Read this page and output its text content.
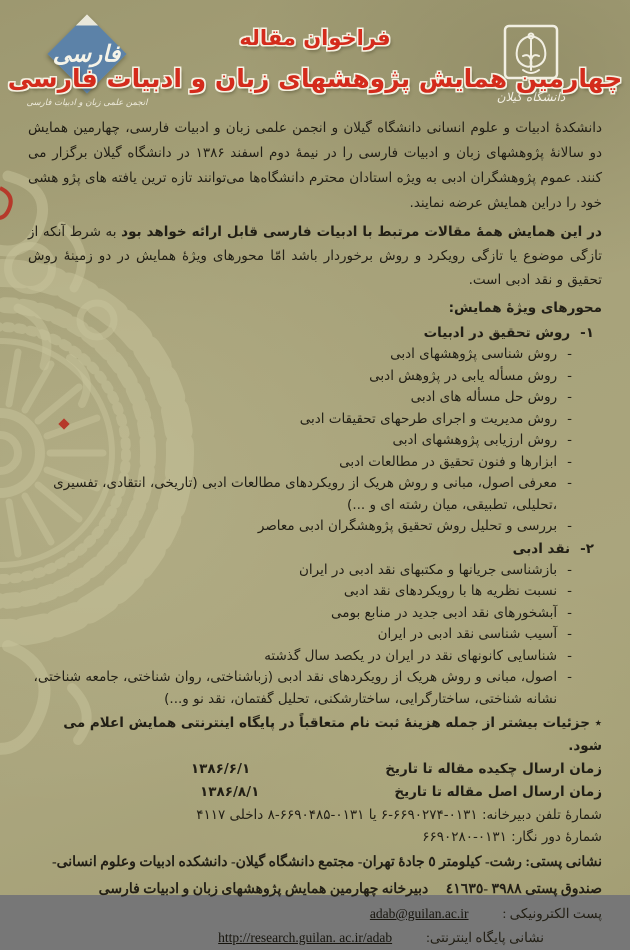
فارسی
انجمن علمی زبان و ادبیات فارسی	دانشگاه گیلان
فراخوان مقاله
چهارمین همایش پژوهشهای زبان و ادبیات فارسی

دانشکدهٔ ادبیات و علوم انسانی دانشگاه گیلان و انجمن علمی زبان و ادبیات فارسی، چهارمین همایش دو سالانهٔ پژوهشهای زبان و ادبیات فارسی را در نیمهٔ دوم اسفند ۱۳۸۶ در دانشگاه گیلان برگزار می کنند. عموم پژوهشگران ادبی به ویژه استادان محترم دانشگاه‌ها می‌توانند تازه ترین یافته های پژو هشی خود را دراین همایش عرضه نمایند.

در این همایش همهٔ مقالات مرتبط با ادبیات فارسی قابل ارائه خواهد بود به شرط آنکه از تازگی موضوع یا تازگی رویکرد و روش برخوردار باشد امّا محورهای ویژهٔ همایش در دو زمینهٔ روش تحقیق و نقد ادبی است.

محورهای ویژهٔ همایش:
۱-
روش تحقیق در ادبیات
-
روش شناسی پژوهشهای ادبی
-
روش مسأله یابی در پژوهش ادبی
-
روش حل مسأله های ادبی
-
روش مدیریت و اجرای طرحهای تحقیقات ادبی
-
روش ارزیابی پژوهشهای ادبی
-
ابزارها و فنون تحقیق در مطالعات ادبی
-
معرفی اصول، مبانی و روش هریک از رویکردهای مطالعات ادبی (تاریخی، انتقادی، تفسیری ،تحلیلی، تطبیقی، میان رشته ای و ...)
-
بررسی و تحلیل روش تحقیق پژوهشگران ادبی معاصر
۲-
نقد ادبی
-
بازشناسی جریانها و مکتبهای نقد ادبی در ایران
-
نسبت نظریه ها با رویکردهای نقد ادبی
-
آبشخورهای نقد ادبی جدید در منابع بومی
-
آسیب شناسی نقد ادبی در ایران
-
شناسایی کانونهای نقد در ایران در یکصد سال گذشته
-
اصول، مبانی و روش هریک از رویکردهای نقد ادبی (زباشناختی، روان شناختی، جامعه شناختی، نشانه شناختی، ساختارگرایی، ساختارشکنی، تحلیل گفتمان، نقد نو و...)
٭ جزئیات بیشتر از جمله هزینهٔ ثبت نام متعاقباً در پایگاه اینترنتی همایش اعلام می شود.
زمان ارسال چکیده مقاله تا تاریخ
۱۳۸۶/۶/۱
زمان ارسال اصل مقاله تا تاریخ
۱۳۸۶/۸/۱
شمارهٔ تلفن دبیرخانه: ۰۱۳۱-۶۶۹۰۲۷۴-۶ یا ۰۱۳۱-۶۶۹۰۴۸۵-۸ داخلی ۴۱۱۷
شمارهٔ دور نگار: ۰۱۳۱-۶۶۹۰۲۸۰
نشانی پستی: رشت- کیلومتر ٥ جادهٔ تهران- مجتمع دانشگاه گیلان- دانشکده ادبیات وعلوم انسانی-
صندوق پستی ٣٩٨٨ -٤١٦٣٥     دبیرخانه چهارمین همایش پژوهشهای زبان و ادبیات فارسی
پست الکترونیکی :
adab@guilan.ac.ir
نشانی پایگاه اینترنتی:
http://research.guilan. ac.ir/adab
